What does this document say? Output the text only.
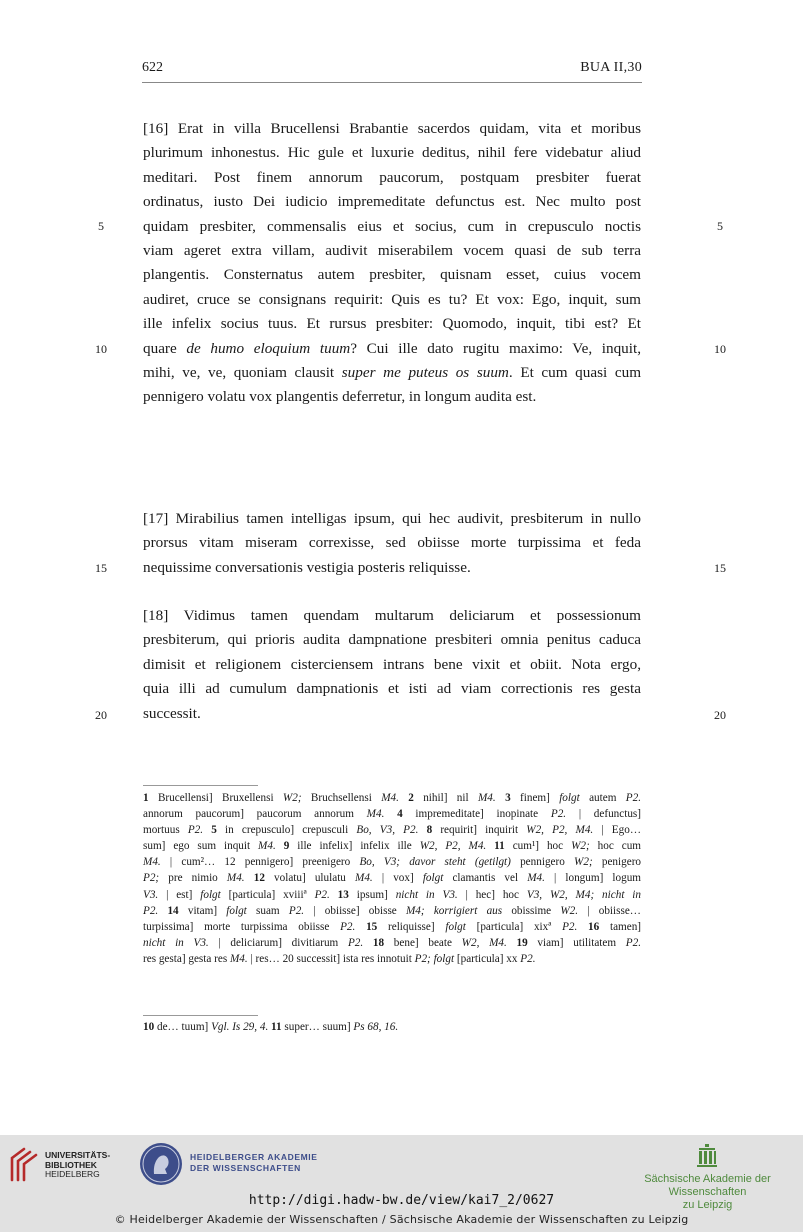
622	BUA II,30
[16] Erat in villa Brucellensi Brabantie sacerdos quidam, vita et moribus
plurimum inhonestus. Hic gule et luxurie deditus, nihil fere videbatur aliud
meditari. Post finem annorum paucorum, postquam presbiter fuerat
ordinatus, iusto Dei iudicio impremeditate defunctus est. Nec multo post
quidam presbiter, commensalis eius et socius, cum in crepusculo noctis
viam ageret extra villam, audivit miserabilem vocem quasi de sub terra
plangentis. Consternatus autem presbiter, quisnam esset, cuius vocem
audiret, cruce se consignans requirit: Quis es tu? Et vox: Ego, inquit, sum
ille infelix socius tuus. Et rursus presbiter: Quomodo, inquit, tibi est? Et
quare de humo eloquium tuum? Cui ille dato rugitu maximo: Ve, inquit,
mihi, ve, ve, quoniam clausit super me puteus os suum. Et cum quasi cum
pennigero volatu vox plangentis deferretur, in longum audita est.
[17] Mirabilius tamen intelligas ipsum, qui hec audivit, presbiterum in nullo
prorsus vitam miseram correxisse, sed obiisse morte turpissima et feda
nequissime conversationis vestigia posteris reliquisse.
[18] Vidimus tamen quendam multarum deliciarum et possessionum
presbiterum, qui prioris audita dampnatione presbiteri omnia penitus caduca
dimisit et religionem cisterciensem intrans bene vixit et obiit. Nota ergo,
quia illi ad cumulum dampnationis et isti ad viam correctionis res gesta
successit.
5	5
10	10
15	15
20	20
1 Brucellensi] Bruxellensi W2; Bruchsellensi M4. 2 nihil] nil M4. 3 finem] folgt autem P2.
annorum paucorum] paucorum annorum M4. 4 impremeditate] inopinate P2. | defunctus]
mortuus P2. 5 in crepusculo] crepusculi Bo, V3, P2. 8 requirit] inquirit W2, P2, M4. | Ego…
sum] ego sum inquit M4. 9 ille infelix] infelix ille W2, P2, M4. 11 cum¹] hoc W2; hoc cum
M4. | cum²… 12 pennigero] preenigero Bo, V3; davor steht (getilgt) pennigero W2; penigero
P2; pre nimio M4. 12 volatu] ululatu M4. | vox] folgt clamantis vel M4. | longum] logum
V3. | est] folgt [particula] xviiiª P2. 13 ipsum] nicht in V3. | hec] hoc V3, W2, M4; nicht in
P2. 14 vitam] folgt suam P2. | obiisse] obisse M4; korrigiert aus obissime W2. | obiisse…
turpissima] morte turpissima obiisse P2. 15 reliquisse] folgt [particula] xixª P2. 16 tamen]
nicht in V3. | deliciarum] divitiarum P2. 18 bene] beate W2, M4. 19 viam] utilitatem P2.
res gesta] gesta res M4. | res… 20 successit] ista res innotuit P2; folgt [particula] xx P2.
10 de… tuum] Vgl. Is 29, 4. 11 super… suum] Ps 68, 16.
UNIVERSITÄTS-
BIBLIOTHEK
HEIDELBERG
HEIDELBERGER AKADEMIE
DER WISSENSCHAFTEN
Sächsische Akademie der Wissenschaften
zu Leipzig
http://digi.hadw-bw.de/view/kai7_2/0627
© Heidelberger Akademie der Wissenschaften / Sächsische Akademie der Wissenschaften zu Leipzig
